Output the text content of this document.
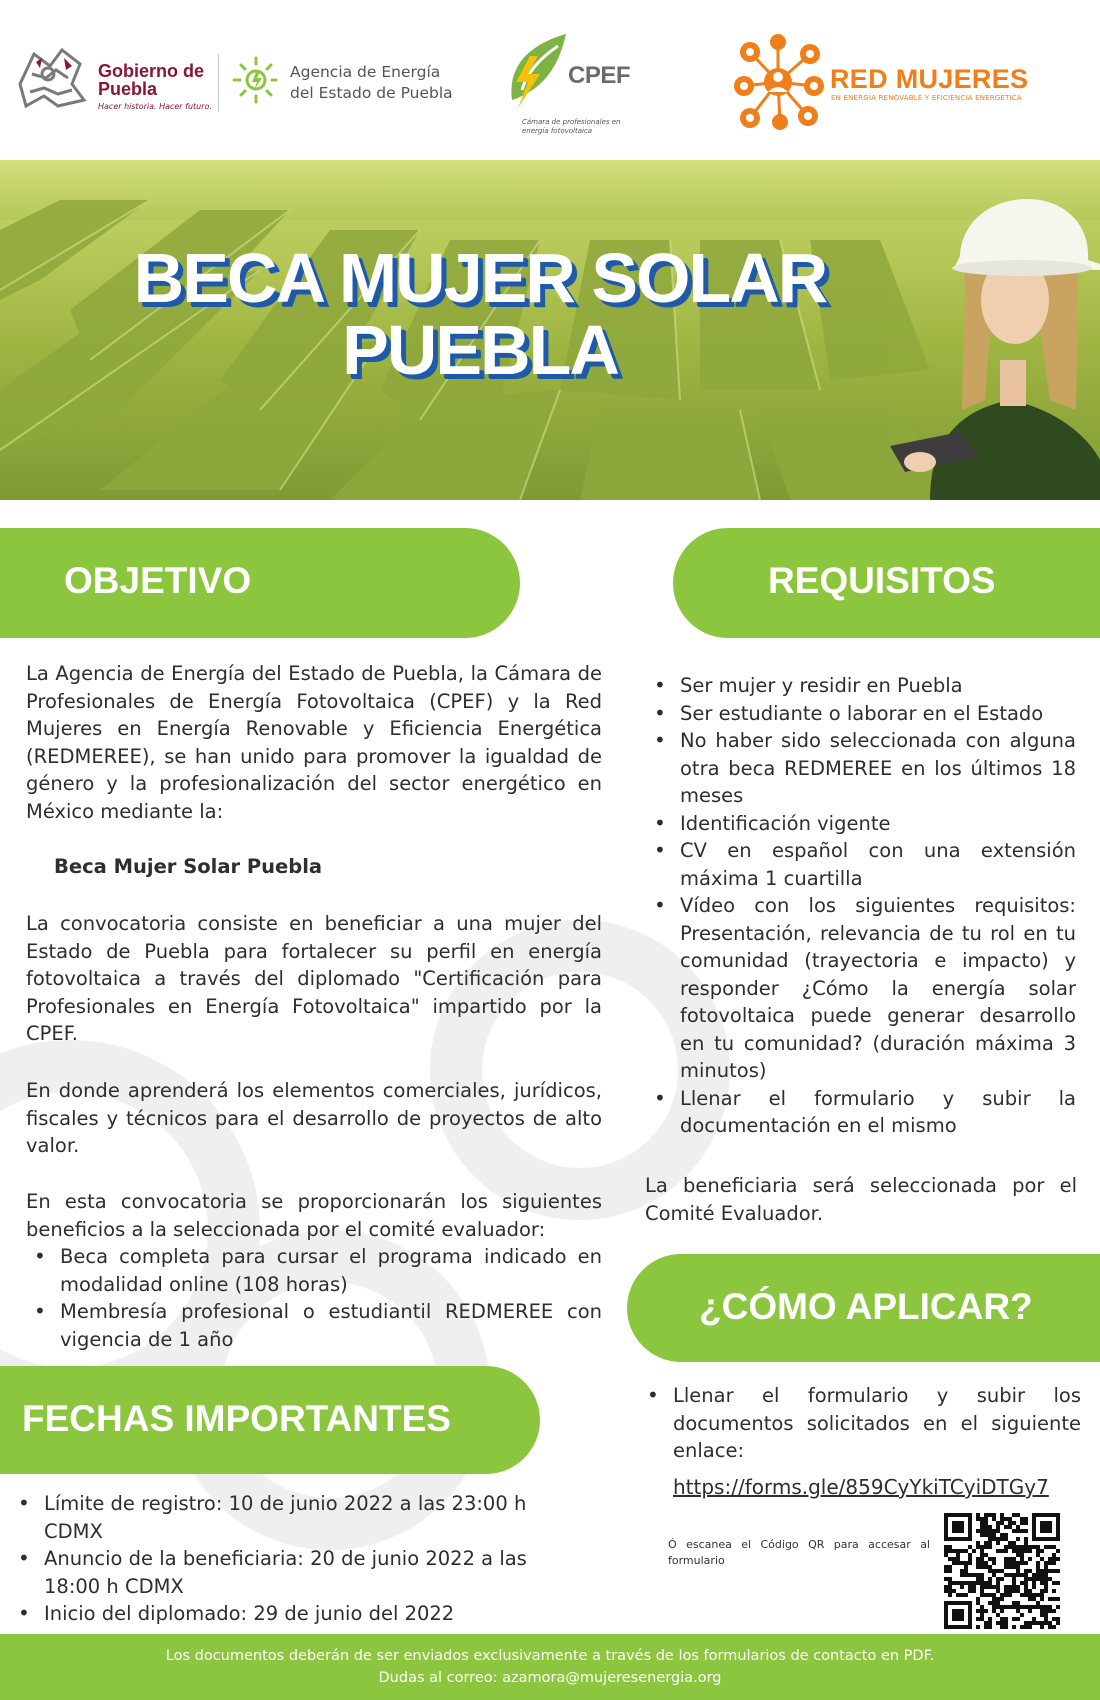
Gobierno de Puebla
Hacer historia. Hacer futuro.
Agencia de Energía
del Estado de Puebla
CPEF
Cámara de profesionales en energía fotovoltaica
RED MUJERES
EN ENERGÍA RENOVABLE Y EFICIENCIA ENERGÉTICA
BECA MUJER SOLAR
PUEBLA
OBJETIVO
La Agencia de Energía del Estado de Puebla, la Cámara de Profesionales de Energía Fotovoltaica (CPEF) y la Red Mujeres en Energía Renovable y Eficiencia Energética (REDMEREE), se han unido para promover la igualdad de género y la profesionalización del sector energético en México mediante la:
Beca Mujer Solar Puebla
La convocatoria consiste en beneficiar a una mujer del Estado de Puebla para fortalecer su perfil en energía fotovoltaica a través del diplomado "Certificación para Profesionales en Energía Fotovoltaica" impartido por la CPEF.
En donde aprenderá los elementos comerciales, jurídicos, fiscales y técnicos para el desarrollo de proyectos de alto valor.
En esta convocatoria se proporcionarán los siguientes beneficios a la seleccionada por el comité evaluador:
• Beca completa para cursar el programa indicado en modalidad online (108 horas)
• Membresía profesional o estudiantil REDMEREE con vigencia de 1 año
REQUISITOS
• Ser mujer y residir en Puebla
• Ser estudiante o laborar en el Estado
• No haber sido seleccionada con alguna otra beca REDMEREE en los últimos 18 meses
• Identificación vigente
• CV en español con una extensión máxima 1 cuartilla
• Vídeo con los siguientes requisitos: Presentación, relevancia de tu rol en tu comunidad (trayectoria e impacto) y responder ¿Cómo la energía solar fotovoltaica puede generar desarrollo en tu comunidad? (duración máxima 3 minutos)
• Llenar el formulario y subir la documentación en el mismo
La beneficiaria será seleccionada por el Comité Evaluador.
¿CÓMO APLICAR?
• Llenar el formulario y subir los documentos solicitados en el siguiente enlace:
https://forms.gle/859CyYkiTCyiDTGy7
Ó escanea el Código QR para accesar al formulario
FECHAS IMPORTANTES
• Límite de registro: 10 de junio 2022 a las 23:00 h CDMX
• Anuncio de la beneficiaria: 20 de junio 2022 a las 18:00 h CDMX
• Inicio del diplomado: 29 de junio del 2022
Los documentos deberán de ser enviados exclusivamente a través de los formularios de contacto en PDF.
Dudas al correo: azamora@mujeresenergia.org
